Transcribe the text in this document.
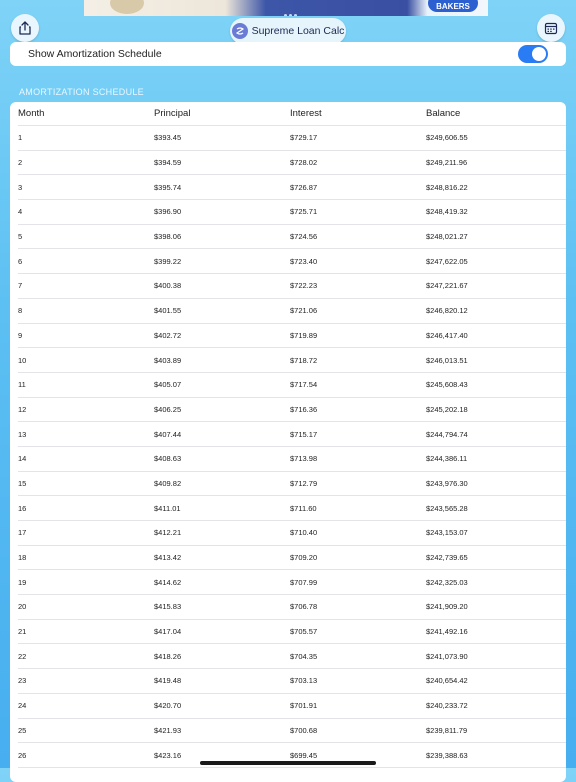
BAKERS
Supreme Loan Calc
Show Amortization Schedule
AMORTIZATION SCHEDULE
Month	Principal	Interest	Balance
1	$393.45	$729.17	$249,606.55
2	$394.59	$728.02	$249,211.96
3	$395.74	$726.87	$248,816.22
4	$396.90	$725.71	$248,419.32
5	$398.06	$724.56	$248,021.27
6	$399.22	$723.40	$247,622.05
7	$400.38	$722.23	$247,221.67
8	$401.55	$721.06	$246,820.12
9	$402.72	$719.89	$246,417.40
10	$403.89	$718.72	$246,013.51
11	$405.07	$717.54	$245,608.43
12	$406.25	$716.36	$245,202.18
13	$407.44	$715.17	$244,794.74
14	$408.63	$713.98	$244,386.11
15	$409.82	$712.79	$243,976.30
16	$411.01	$711.60	$243,565.28
17	$412.21	$710.40	$243,153.07
18	$413.42	$709.20	$242,739.65
19	$414.62	$707.99	$242,325.03
20	$415.83	$706.78	$241,909.20
21	$417.04	$705.57	$241,492.16
22	$418.26	$704.35	$241,073.90
23	$419.48	$703.13	$240,654.42
24	$420.70	$701.91	$240,233.72
25	$421.93	$700.68	$239,811.79
26	$423.16	$699.45	$239,388.63
